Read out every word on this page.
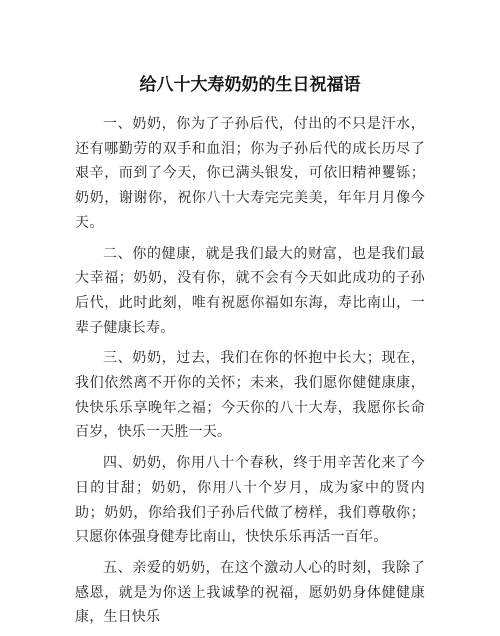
给八十大寿奶奶的生日祝福语

一、奶奶，你为了子孙后代，付出的不只是汗水，还有哪勤劳的双手和血泪；你为子孙后代的成长历尽了艰辛，而到了今天，你已满头银发，可依旧精神矍铄；奶奶，谢谢你，祝你八十大寿完完美美，年年月月像今天。

二、你的健康，就是我们最大的财富，也是我们最大幸福；奶奶，没有你，就不会有今天如此成功的子孙后代，此时此刻，唯有祝愿你福如东海，寿比南山，一辈子健康长寿。

三、奶奶，过去，我们在你的怀抱中长大；现在，我们依然离不开你的关怀；未来，我们愿你健健康康，快快乐乐享晚年之福；今天你的八十大寿，我愿你长命百岁，快乐一天胜一天。

四、奶奶，你用八十个春秋，终于用辛苦化来了今日的甘甜；奶奶，你用八十个岁月，成为家中的贤内助；奶奶，你给我们子孙后代做了榜样，我们尊敬你；只愿你体强身健寿比南山，快快乐乐再活一百年。

五、亲爱的奶奶，在这个激动人心的时刻，我除了感恩，就是为你送上我诚挚的祝福，愿奶奶身体健健康康，生日快乐
